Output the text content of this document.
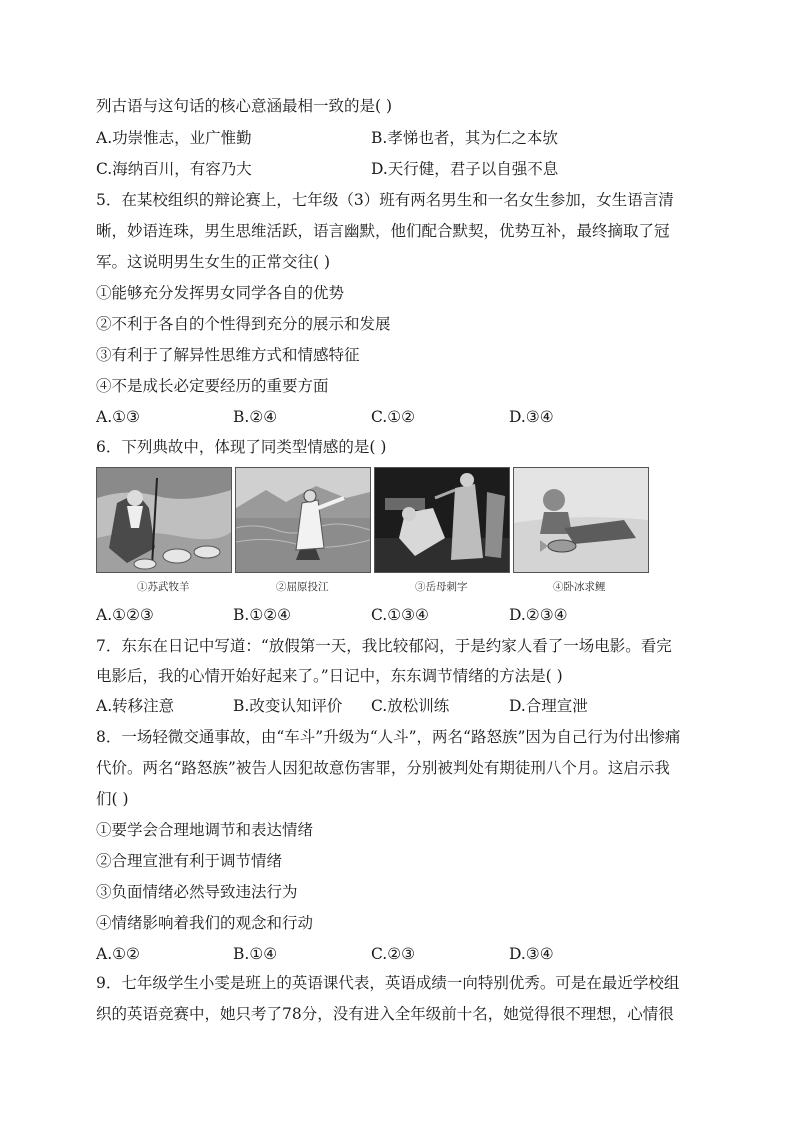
列古语与这句话的核心意涵最相一致的是( )
A.功崇惟志，业广惟勤	B.孝悌也者，其为仁之本欤
C.海纳百川，有容乃大	D.天行健，君子以自强不息
5．在某校组织的辩论赛上，七年级（3）班有两名男生和一名女生参加，女生语言清
晰，妙语连珠，男生思维活跃，语言幽默，他们配合默契，优势互补，最终摘取了冠
军。这说明男生女生的正常交往( )
①能够充分发挥男女同学各自的优势
②不利于各自的个性得到充分的展示和发展
③有利于了解异性思维方式和情感特征
④不是成长必定要经历的重要方面
A.①③	B.②④	C.①②	D.③④
6．下列典故中，体现了同类型情感的是( )
①苏武牧羊	②屈原投江	③岳母刺字	④卧冰求鲤
A.①②③	B.①②④	C.①③④	D.②③④
7．东东在日记中写道：“放假第一天，我比较郁闷，于是约家人看了一场电影。看完
电影后，我的心情开始好起来了。”日记中，东东调节情绪的方法是( )
A.转移注意	B.改变认知评价 C.放松训练	D.合理宣泄
8．一场轻微交通事故，由“车斗”升级为“人斗”，两名“路怒族”因为自己行为付出惨痛
代价。两名“路怒族”被告人因犯故意伤害罪，分别被判处有期徒刑八个月。这启示我
们( )
①要学会合理地调节和表达情绪
②合理宣泄有利于调节情绪
③负面情绪必然导致违法行为
④情绪影响着我们的观念和行动
A.①②	B.①④	C.②③	D.③④
9．七年级学生小雯是班上的英语课代表，英语成绩一向特别优秀。可是在最近学校组
织的英语竞赛中，她只考了78分，没有进入全年级前十名，她觉得很不理想，心情很
